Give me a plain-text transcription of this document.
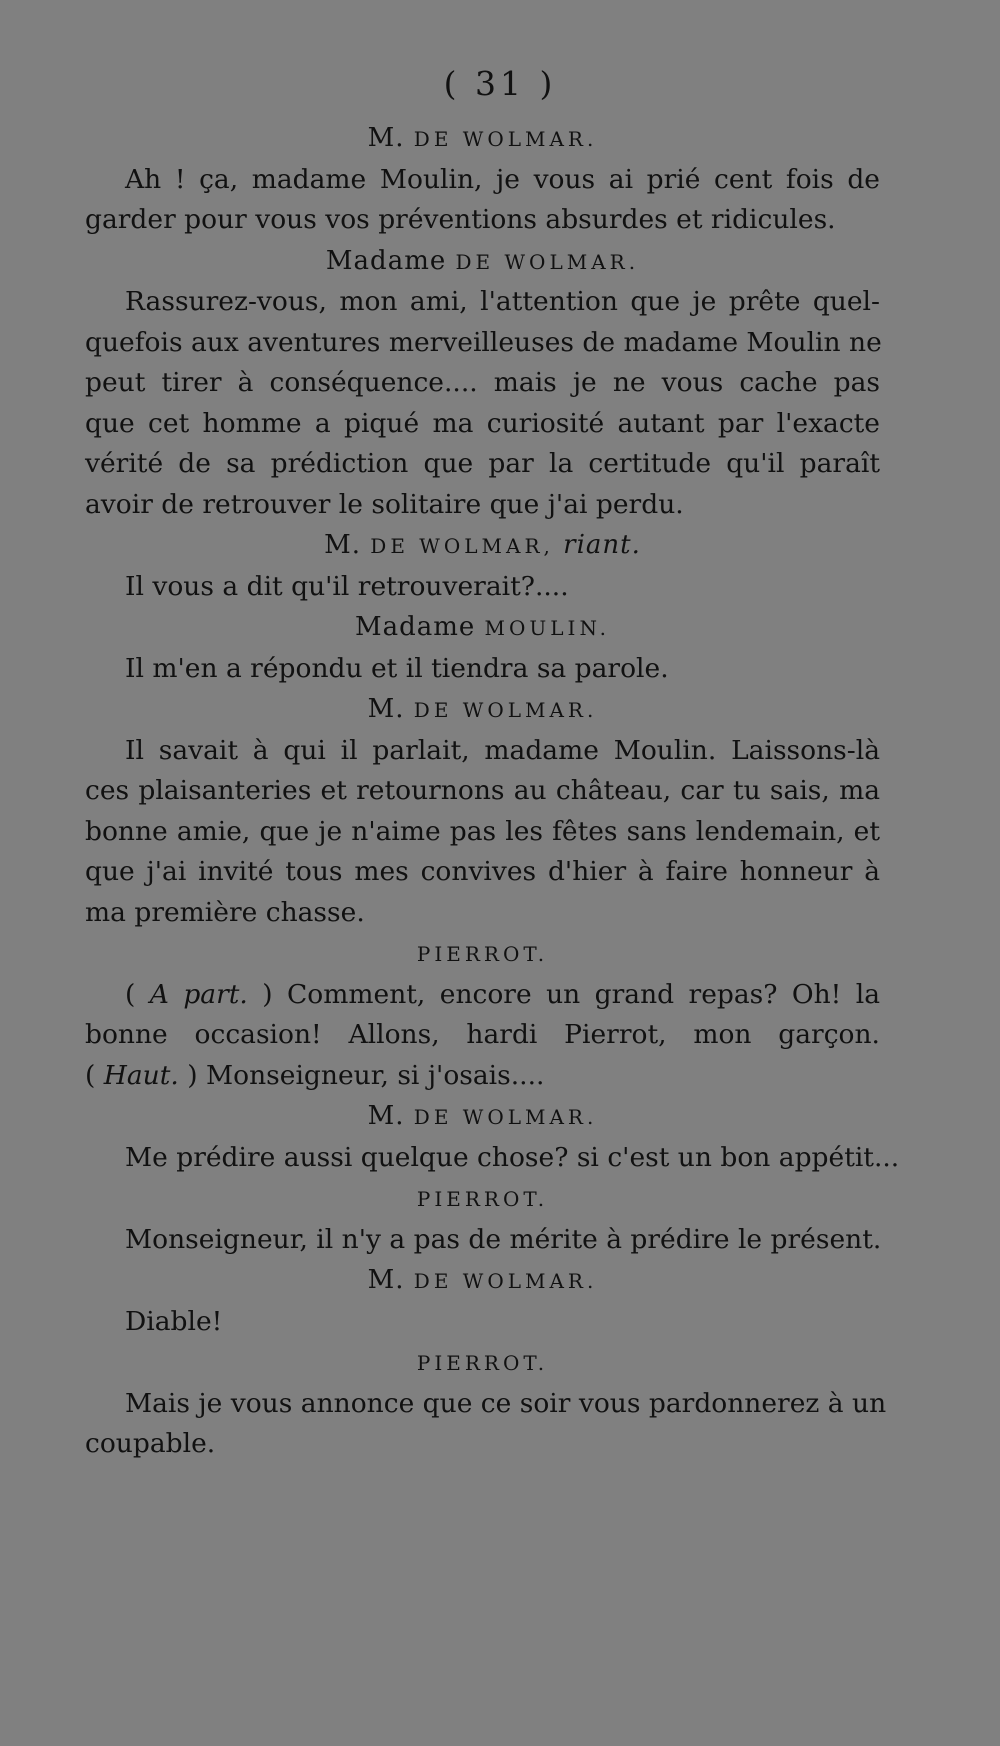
( 31 )
M. DE WOLMAR.
Ah ! ça, madame Moulin, je vous ai prié cent fois de
garder pour vous vos préventions absurdes et ridicules.
Madame DE WOLMAR.
Rassurez-vous, mon ami, l'attention que je prête quel-
quefois aux aventures merveilleuses de madame Moulin ne
peut tirer à conséquence.... mais je ne vous cache pas
que cet homme a piqué ma curiosité autant par l'exacte
vérité de sa prédiction que par la certitude qu'il paraît
avoir de retrouver le solitaire que j'ai perdu.
M. DE WOLMAR, riant.
Il vous a dit qu'il retrouverait?....
Madame MOULIN.
Il m'en a répondu et il tiendra sa parole.
M. DE WOLMAR.
Il savait à qui il parlait, madame Moulin. Laissons-là
ces plaisanteries et retournons au château, car tu sais, ma
bonne amie, que je n'aime pas les fêtes sans lendemain, et
que j'ai invité tous mes convives d'hier à faire honneur à
ma première chasse.
PIERROT.
( A part. ) Comment, encore un grand repas? Oh! la
bonne occasion! Allons, hardi Pierrot, mon garçon.
( Haut. ) Monseigneur, si j'osais....
M. DE WOLMAR.
Me prédire aussi quelque chose? si c'est un bon appétit...
PIERROT.
Monseigneur, il n'y a pas de mérite à prédire le présent.
M. DE WOLMAR.
Diable!
PIERROT.
Mais je vous annonce que ce soir vous pardonnerez à un
coupable.
